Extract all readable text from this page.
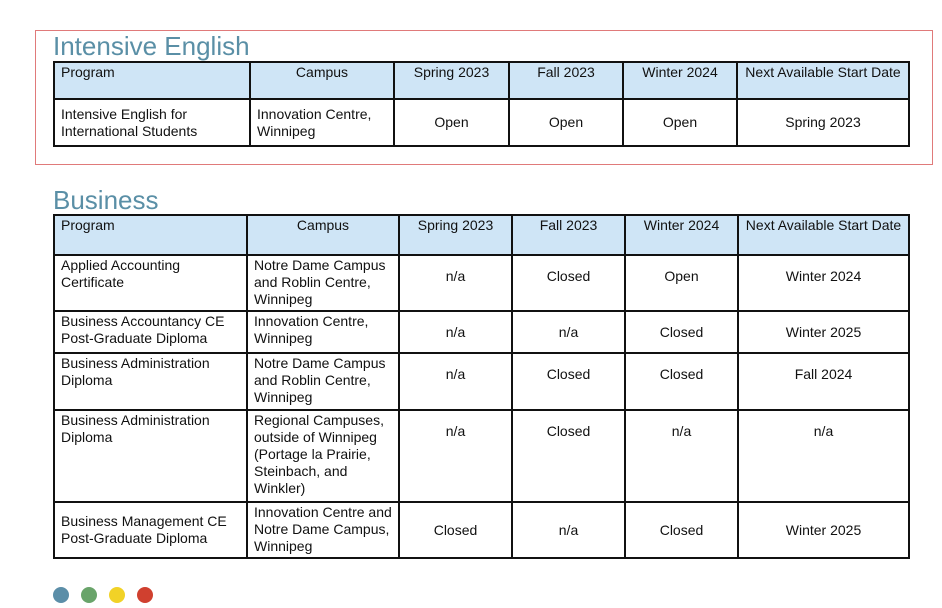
Intensive English
Program	Campus	Spring 2023	Fall 2023	Winter 2024	Next Available Start Date
Intensive English for International Students	Innovation Centre, Winnipeg	Open	Open	Open	Spring 2023
Business
Program	Campus	Spring 2023	Fall 2023	Winter 2024	Next Available Start Date
Applied Accounting Certificate	Notre Dame Campus and Roblin Centre, Winnipeg	n/a	Closed	Open	Winter 2024
Business Accountancy CE Post-Graduate Diploma	Innovation Centre, Winnipeg	n/a	n/a	Closed	Winter 2025
Business Administration Diploma	Notre Dame Campus and Roblin Centre, Winnipeg	n/a	Closed	Closed	Fall 2024
Business Administration Diploma	Regional Campuses, outside of Winnipeg (Portage la Prairie, Steinbach, and Winkler)	n/a	Closed	n/a	n/a
Business Management CE Post-Graduate Diploma	Innovation Centre and Notre Dame Campus, Winnipeg	Closed	n/a	Closed	Winter 2025
